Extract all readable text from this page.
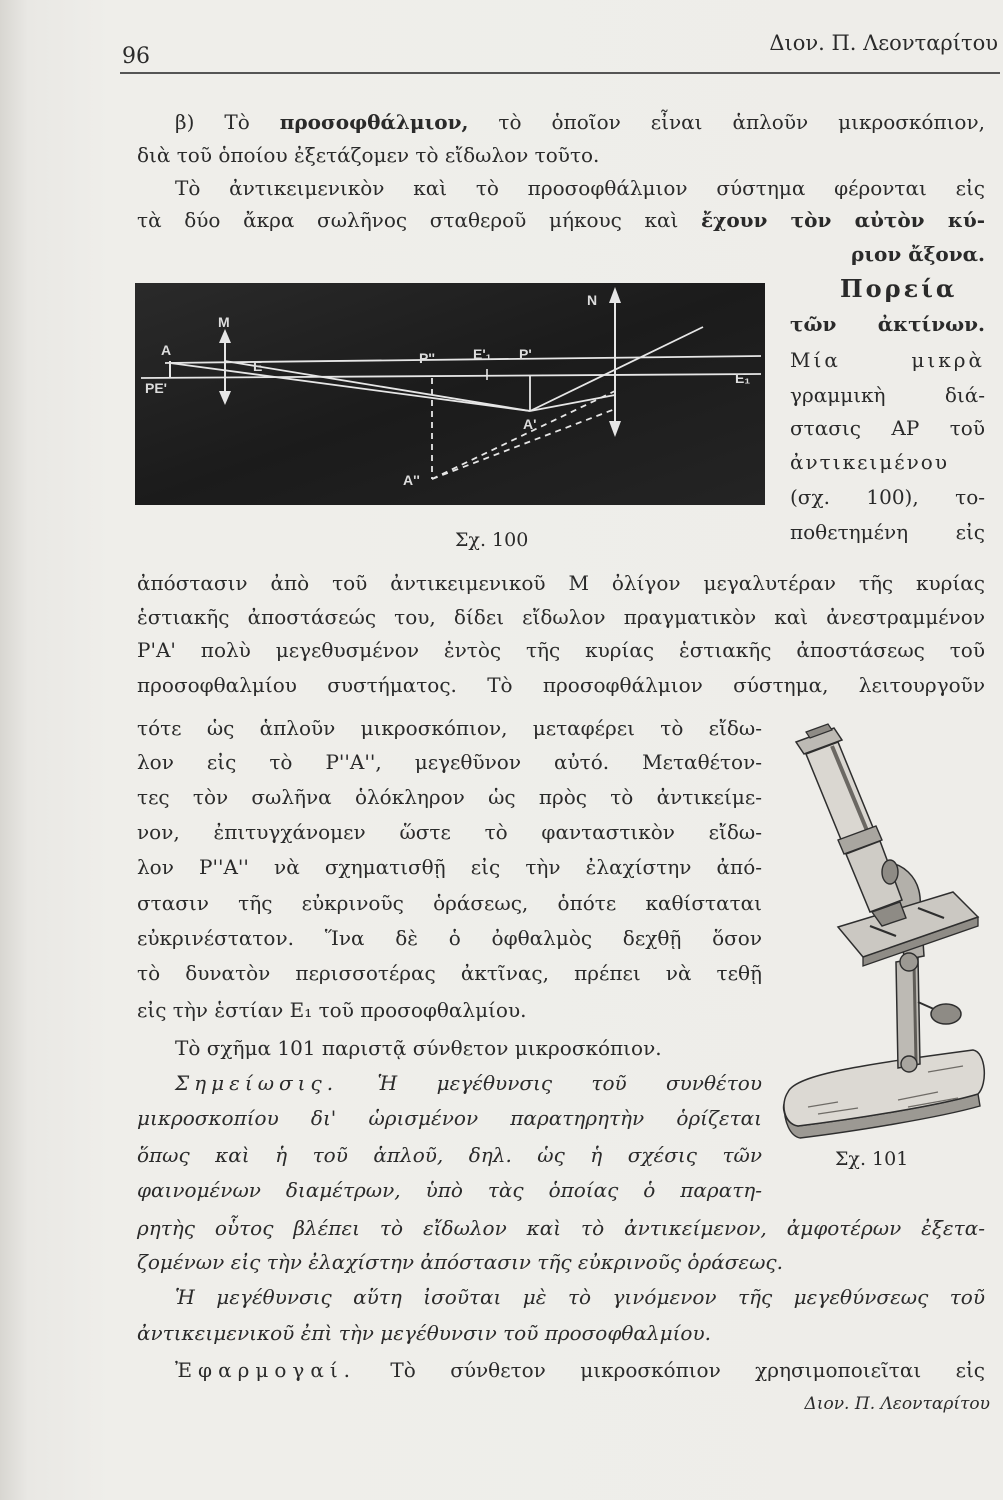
96
Διον. Π. Λεονταρίτου
β) Τὸ προσοφθάλμιον, τὸ ὁποῖον εἶναι ἁπλοῦν μικροσκόπιον,
διὰ τοῦ ὁποίου ἐξετάζομεν τὸ εἴδωλον τοῦτο.
Τὸ ἀντικειμενικὸν καὶ τὸ προσοφθάλμιον σύστημα φέρονται εἰς
τὰ δύο ἄκρα σωλῆνος σταθεροῦ μήκους καὶ ἔχουν τὸν αὐτὸν κύ-
ριον ἄξονα.
A
M
E	P''	E'₁ P'
N
A'
A''
E₁
PE'
Σχ. 100
Πορεία
τῶν ἀκτίνων.
Μία μικρὰ
γραμμικὴ διά-
στασις ΑΡ τοῦ
ἀντικειμένου
(σχ. 100), το-
ποθετημένη εἰς
ἀπόστασιν ἀπὸ τοῦ ἀντικειμενικοῦ Μ ὀλίγον μεγαλυτέραν τῆς κυρίας
ἑστιακῆς ἀποστάσεώς του, δίδει εἴδωλον πραγματικὸν καὶ ἀνεστραμμένον
Ρ'Α' πολὺ μεγεθυσμένον ἐντὸς τῆς κυρίας ἑστιακῆς ἀποστάσεως τοῦ
προσοφθαλμίου συστήματος. Τὸ προσοφθάλμιον σύστημα, λειτουργοῦν
τότε ὡς ἁπλοῦν μικροσκόπιον, μεταφέρει τὸ εἴδω-
λον εἰς τὸ Ρ''Α'', μεγεθῦνον αὐτό. Μεταθέτον-
τες τὸν σωλῆνα ὁλόκληρον ὡς πρὸς τὸ ἀντικείμε-
νον, ἐπιτυγχάνομεν ὥστε τὸ φανταστικὸν εἴδω-
λον Ρ''Α'' νὰ σχηματισθῇ εἰς τὴν ἐλαχίστην ἀπό-
στασιν τῆς εὐκρινοῦς ὁράσεως, ὁπότε καθίσταται
εὐκρινέστατον. Ἵνα δὲ ὁ ὀφθαλμὸς δεχθῇ ὅσον
τὸ δυνατὸν περισσοτέρας ἀκτῖνας, πρέπει νὰ τεθῇ
εἰς τὴν ἑστίαν Ε₁ τοῦ προσοφθαλμίου.
Τὸ σχῆμα 101 παριστᾷ σύνθετον μικροσκόπιον.
Σημείωσις. Ἡ μεγέθυνσις τοῦ συνθέτου
μικροσκοπίου δι' ὡρισμένον παρατηρητὴν ὁρίζεται
ὅπως καὶ ἡ τοῦ ἁπλοῦ, δηλ. ὡς ἡ σχέσις τῶν
φαινομένων διαμέτρων, ὑπὸ τὰς ὁποίας ὁ παρατη-
Σχ. 101
ρητὴς οὗτος βλέπει τὸ εἴδωλον καὶ τὸ ἀντικείμενον, ἀμφοτέρων ἐξετα-
ζομένων εἰς τὴν ἐλαχίστην ἀπόστασιν τῆς εὐκρινοῦς ὁράσεως.
Ἡ μεγέθυνσις αὕτη ἰσοῦται μὲ τὸ γινόμενον τῆς μεγεθύνσεως τοῦ
ἀντικειμενικοῦ ἐπὶ τὴν μεγέθυνσιν τοῦ προσοφθαλμίου.
Ἐφαρμογαί. Τὸ σύνθετον μικροσκόπιον χρησιμοποιεῖται εἰς
Διον. Π. Λεονταρίτου
